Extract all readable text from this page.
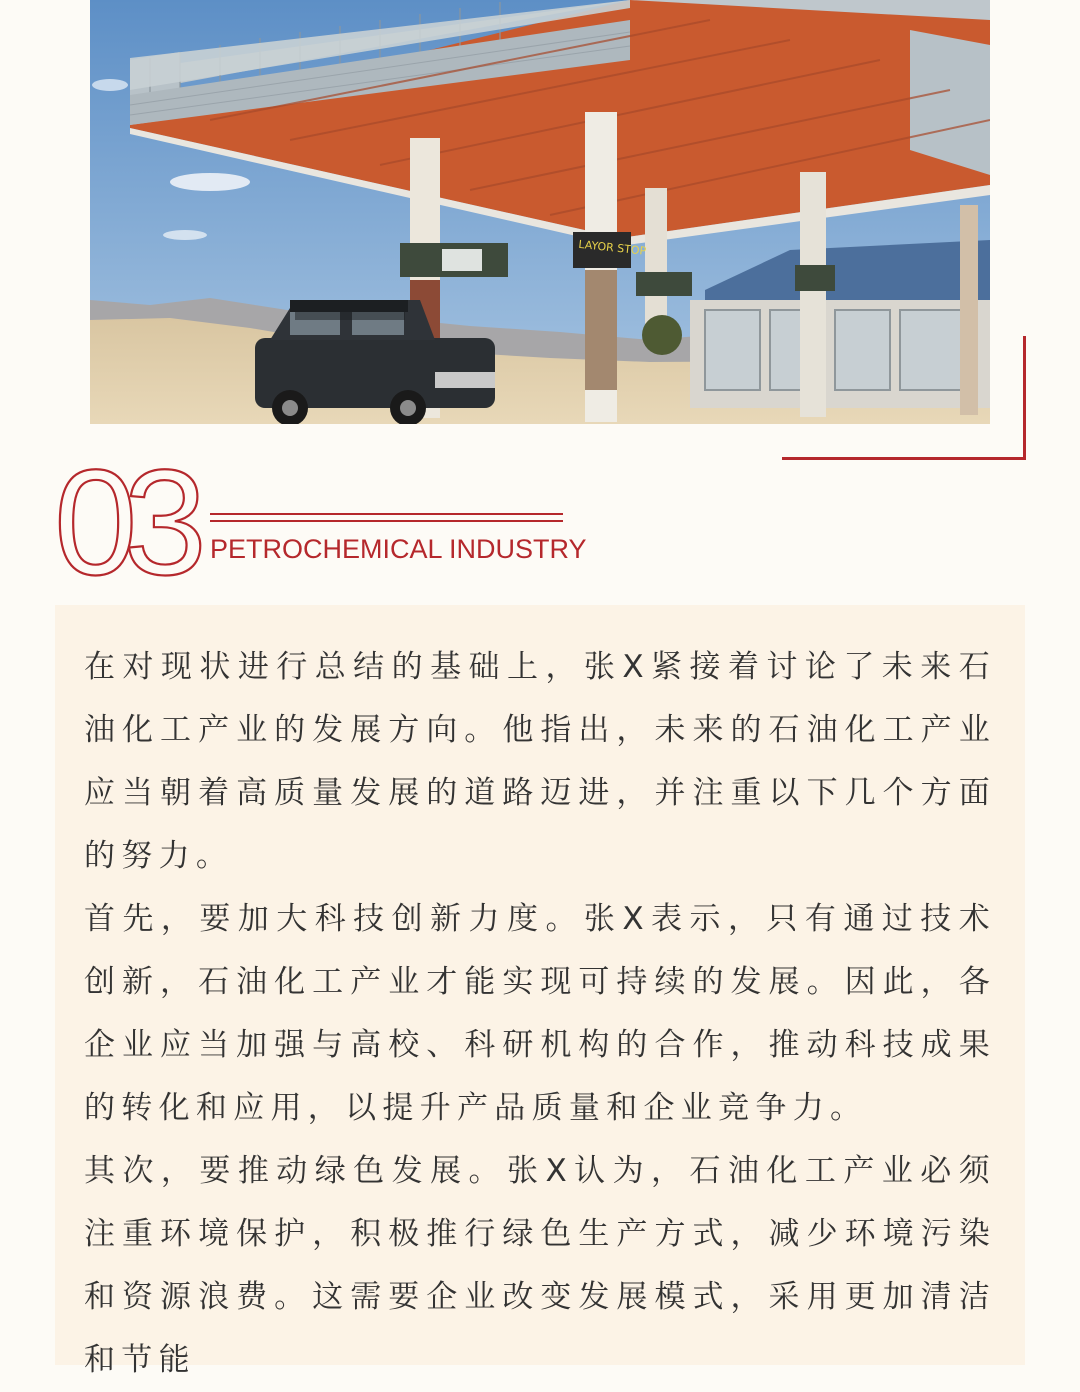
LAYOR STOP
03 PETROCHEMICAL INDUSTRY

在对现状进行总结的基础上，张X紧接着讨论了未来石油化工产业的发展方向。他指出，未来的石油化工产业应当朝着高质量发展的道路迈进，并注重以下几个方面的努力。

首先，要加大科技创新力度。张X表示，只有通过技术创新，石油化工产业才能实现可持续的发展。因此，各企业应当加强与高校、科研机构的合作，推动科技成果的转化和应用，以提升产品质量和企业竞争力。

其次，要推动绿色发展。张X认为，石油化工产业必须注重环境保护，积极推行绿色生产方式，减少环境污染和资源浪费。这需要企业改变发展模式，采用更加清洁和节能
